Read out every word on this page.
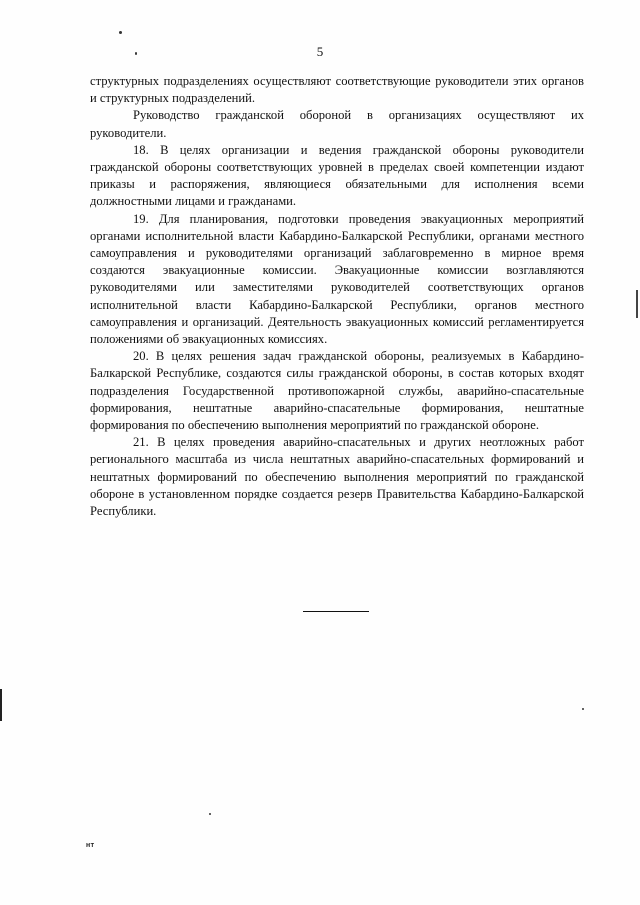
5

структурных подразделениях осуществляют соответствующие руководители этих органов и структурных подразделений.

Руководство гражданской обороной в организациях осуществляют их руководители.

18. В целях организации и ведения гражданской обороны руководители гражданской обороны соответствующих уровней в пределах своей компетенции издают приказы и распоряжения, являющиеся обязательными для исполнения всеми должностными лицами и гражданами.

19. Для планирования, подготовки проведения эвакуационных мероприятий органами исполнительной власти Кабардино-Балкарской Республики, органами местного самоуправления и руководителями организаций заблаговременно в мирное время создаются эвакуационные комиссии. Эвакуационные комиссии возглавляются руководителями или заместителями руководителей соответствующих органов исполнительной власти Кабардино-Балкарской Республики, органов местного самоуправления и организаций. Деятельность эвакуационных комиссий регламентируется положениями об эвакуационных комиссиях.

20. В целях решения задач гражданской обороны, реализуемых в Кабардино-Балкарской Республике, создаются силы гражданской обороны, в состав которых входят подразделения Государственной противопожарной службы, аварийно-спасательные формирования, нештатные аварийно-спасательные формирования, нештатные формирования по обеспечению выполнения мероприятий по гражданской обороне.

21. В целях проведения аварийно-спасательных и других неотложных работ регионального масштаба из числа нештатных аварийно-спасательных формирований и нештатных формирований по обеспечению выполнения мероприятий по гражданской обороне в установленном порядке создается резерв Правительства Кабардино-Балкарской Республики.

НТ
